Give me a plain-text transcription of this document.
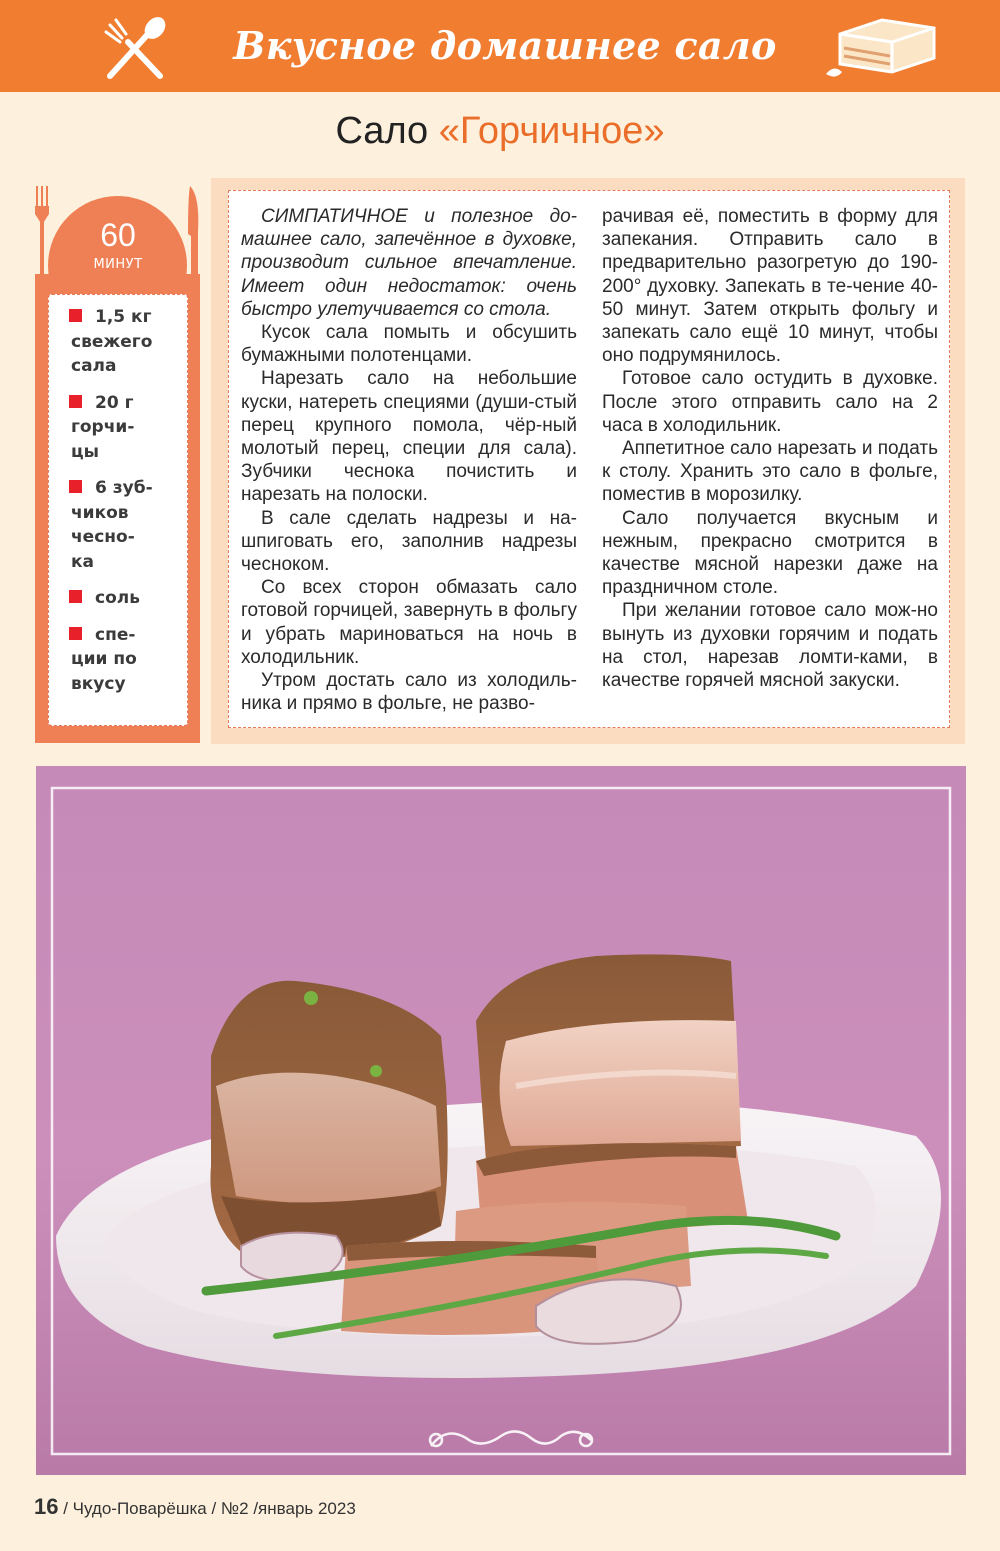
Вкусное домашнее сало
Сало «Горчичное»
60
МИНУТ
1,5 кг
свежего
сала
20 г
горчи-
цы
6 зуб-
чиков
чесно-
ка
соль
спе-
ции по
вкусу

СИМПАТИЧНОЕ и полезное до-машнее сало, запечённое в духовке, производит сильное впечатление. Имеет один недостаток: очень быстро улетучивается со стола.

Кусок сала помыть и обсушить бумажными полотенцами.

Нарезать сало на небольшие куски, натереть специями (души-стый перец крупного помола, чёр-ный молотый перец, специи для сала). Зубчики чеснока почистить и нарезать на полоски.

В сале сделать надрезы и на-шпиговать его, заполнив надрезы чесноком.

Со всех сторон обмазать сало готовой горчицей, завернуть в фольгу и убрать мариноваться на ночь в холодильник.

Утром достать сало из холодиль-ника и прямо в фольге, не разво-

рачивая её, поместить в форму для запекания. Отправить сало в предварительно разогретую до 190-200° духовку. Запекать в те-чение 40-50 минут. Затем открыть фольгу и запекать сало ещё 10 минут, чтобы оно подрумянилось.

Готовое сало остудить в духовке. После этого отправить сало на 2 часа в холодильник.

Аппетитное сало нарезать и подать к столу. Хранить это сало в фольге, поместив в морозилку.

Сало получается вкусным и нежным, прекрасно смотрится в качестве мясной нарезки даже на праздничном столе.

При желании готовое сало мож-но вынуть из духовки горячим и подать на стол, нарезав ломти-ками, в качестве горячей мясной закуски.

16 / Чудо-Поварёшка / №2 /январь 2023
